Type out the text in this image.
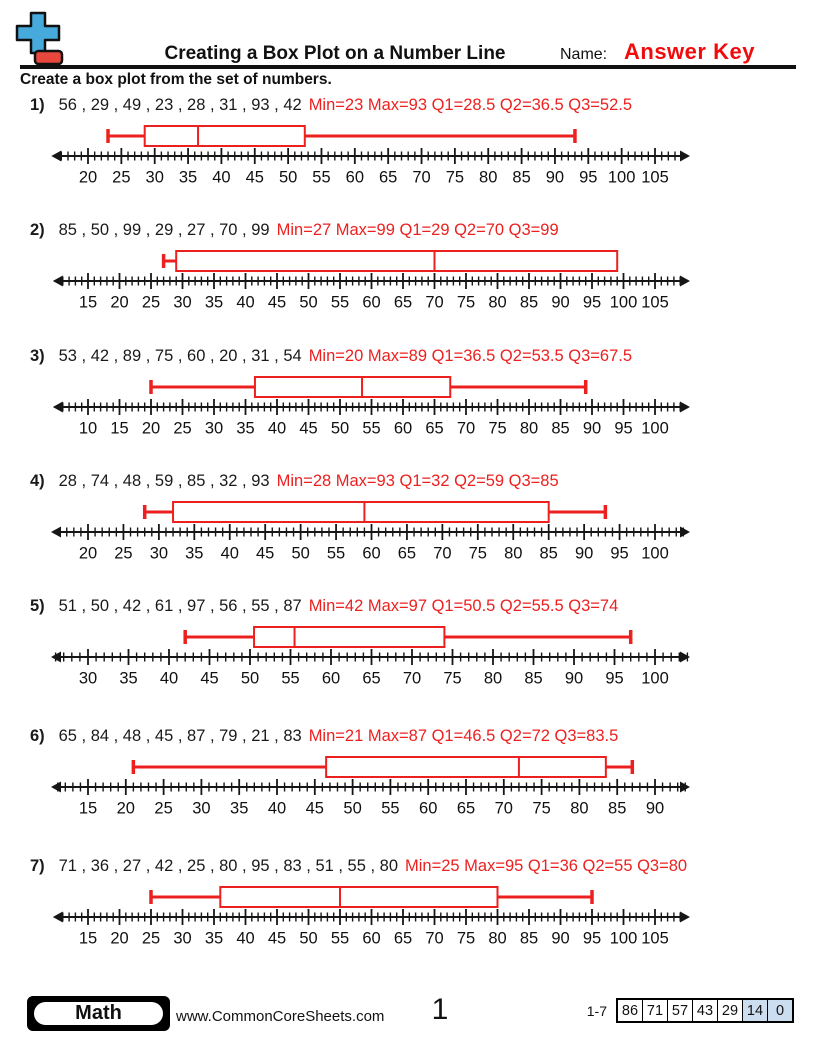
Creating a Box Plot on a Number Line	Name: Answer Key
Create a box plot from the set of numbers.
1) 56 , 29 , 49 , 23 , 28 , 31 , 93 , 42 Min=23 Max=93 Q1=28.5 Q2=36.5 Q3=52.5
20 25 30 35 40 45 50 55 60 65 70 75 80 85 90 95 100 105
2) 85 , 50 , 99 , 29 , 27 , 70 , 99 Min=27 Max=99 Q1=29 Q2=70 Q3=99
15 20 25 30 35 40 45 50 55 60 65 70 75 80 85 90 95 100 105
3) 53 , 42 , 89 , 75 , 60 , 20 , 31 , 54 Min=20 Max=89 Q1=36.5 Q2=53.5 Q3=67.5
10 15 20 25 30 35 40 45 50 55 60 65 70 75 80 85 90 95 100
4) 28 , 74 , 48 , 59 , 85 , 32 , 93 Min=28 Max=93 Q1=32 Q2=59 Q3=85
20 25 30 35 40 45 50 55 60 65 70 75 80 85 90 95 100
5) 51 , 50 , 42 , 61 , 97 , 56 , 55 , 87 Min=42 Max=97 Q1=50.5 Q2=55.5 Q3=74
30 35 40 45 50 55 60 65 70 75 80 85 90 95 100
6) 65 , 84 , 48 , 45 , 87 , 79 , 21 , 83 Min=21 Max=87 Q1=46.5 Q2=72 Q3=83.5
15 20 25 30 35 40 45 50 55 60 65 70 75 80 85 90
7) 71 , 36 , 27 , 42 , 25 , 80 , 95 , 83 , 51 , 55 , 80 Min=25 Max=95 Q1=36 Q2=55 Q3=80
15 20 25 30 35 40 45 50 55 60 65 70 75 80 85 90 95 100 105
Math	www.CommonCoreSheets.com	1	1-7 86 71 57 43 29 14 0
